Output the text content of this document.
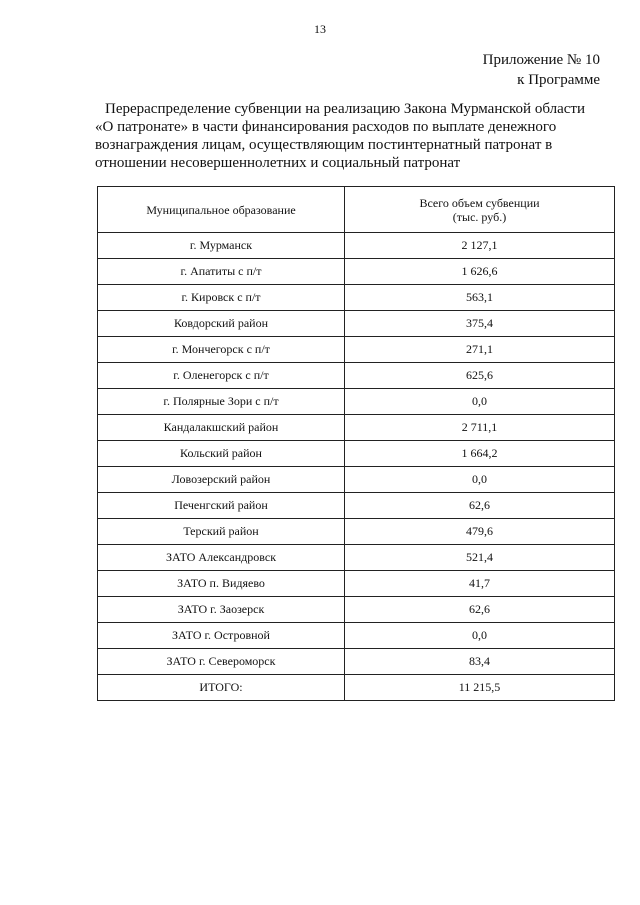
13
Приложение № 10
к Программе
Перераспределение субвенции на реализацию Закона Мурманской области
«О патронате» в части финансирования расходов по выплате денежного
вознаграждения лицам, осуществляющим постинтернатный патронат в
отношении несовершеннолетних и социальный патронат
Муниципальное образование	Всего объем субвенции
(тыс. руб.)

г. Мурманск	2 127,1
г. Апатиты с п/т	1 626,6
г. Кировск с п/т	563,1
Ковдорский район	375,4
г. Мончегорск с п/т	271,1
г. Оленегорск с п/т	625,6
г. Полярные Зори с п/т	0,0
Кандалакшский район	2 711,1
Кольский район	1 664,2
Ловозерский район	0,0
Печенгский район	62,6
Терский район	479,6
ЗАТО Александровск	521,4
ЗАТО п. Видяево	41,7
ЗАТО г. Заозерск	62,6
ЗАТО г. Островной	0,0
ЗАТО г. Североморск	83,4
ИТОГО:	11 215,5
